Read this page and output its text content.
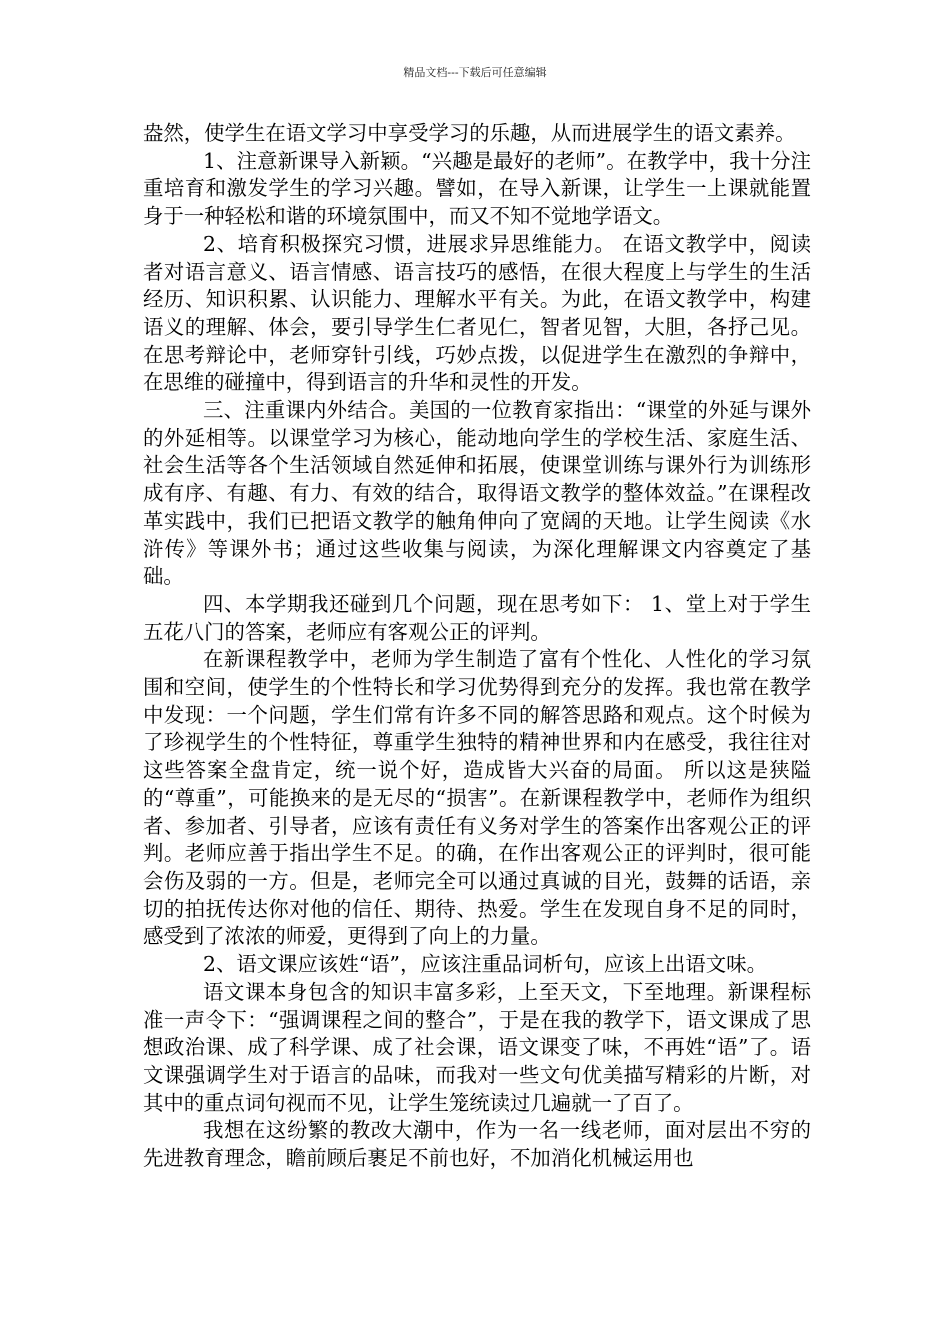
精品文档---下载后可任意编辑

盎然，使学生在语文学习中享受学习的乐趣，从而进展学生的语文素养。

1、注意新课导入新颖。“兴趣是最好的老师”。在教学中，我十分注重培育和激发学生的学习兴趣。譬如，在导入新课，让学生一上课就能置身于一种轻松和谐的环境氛围中，而又不知不觉地学语文。

2、培育积极探究习惯，进展求异思维能力。 在语文教学中，阅读者对语言意义、语言情感、语言技巧的感悟，在很大程度上与学生的生活经历、知识积累、认识能力、理解水平有关。为此，在语文教学中，构建语义的理解、体会，要引导学生仁者见仁，智者见智，大胆，各抒己见。在思考辩论中，老师穿针引线，巧妙点拨，以促进学生在激烈的争辩中，在思维的碰撞中，得到语言的升华和灵性的开发。

三、注重课内外结合。美国的一位教育家指出：“课堂的外延与课外的外延相等。以课堂学习为核心，能动地向学生的学校生活、家庭生活、社会生活等各个生活领域自然延伸和拓展，使课堂训练与课外行为训练形成有序、有趣、有力、有效的结合，取得语文教学的整体效益。”在课程改革实践中，我们已把语文教学的触角伸向了宽阔的天地。让学生阅读《水浒传》等课外书；通过这些收集与阅读，为深化理解课文内容奠定了基础。

四、本学期我还碰到几个问题，现在思考如下： 1、堂上对于学生五花八门的答案，老师应有客观公正的评判。

在新课程教学中，老师为学生制造了富有个性化、人性化的学习氛围和空间，使学生的个性特长和学习优势得到充分的发挥。我也常在教学中发现：一个问题，学生们常有许多不同的解答思路和观点。这个时候为了珍视学生的个性特征，尊重学生独特的精神世界和内在感受，我往往对这些答案全盘肯定，统一说个好，造成皆大兴奋的局面。 所以这是狭隘的“尊重”，可能换来的是无尽的“损害”。在新课程教学中，老师作为组织者、参加者、引导者，应该有责任有义务对学生的答案作出客观公正的评判。老师应善于指出学生不足。的确，在作出客观公正的评判时，很可能会伤及弱的一方。但是，老师完全可以通过真诚的目光，鼓舞的话语，亲切的拍抚传达你对他的信任、期待、热爱。学生在发现自身不足的同时，感受到了浓浓的师爱，更得到了向上的力量。

2、语文课应该姓“语”，应该注重品词析句，应该上出语文味。

语文课本身包含的知识丰富多彩，上至天文，下至地理。新课程标准一声令下：“强调课程之间的整合”，于是在我的教学下，语文课成了思想政治课、成了科学课、成了社会课，语文课变了味，不再姓“语”了。语文课强调学生对于语言的品味，而我对一些文句优美描写精彩的片断，对其中的重点词句视而不见，让学生笼统读过几遍就一了百了。

我想在这纷繁的教改大潮中，作为一名一线老师，面对层出不穷的先进教育理念，瞻前顾后裹足不前也好，不加消化机械运用也
